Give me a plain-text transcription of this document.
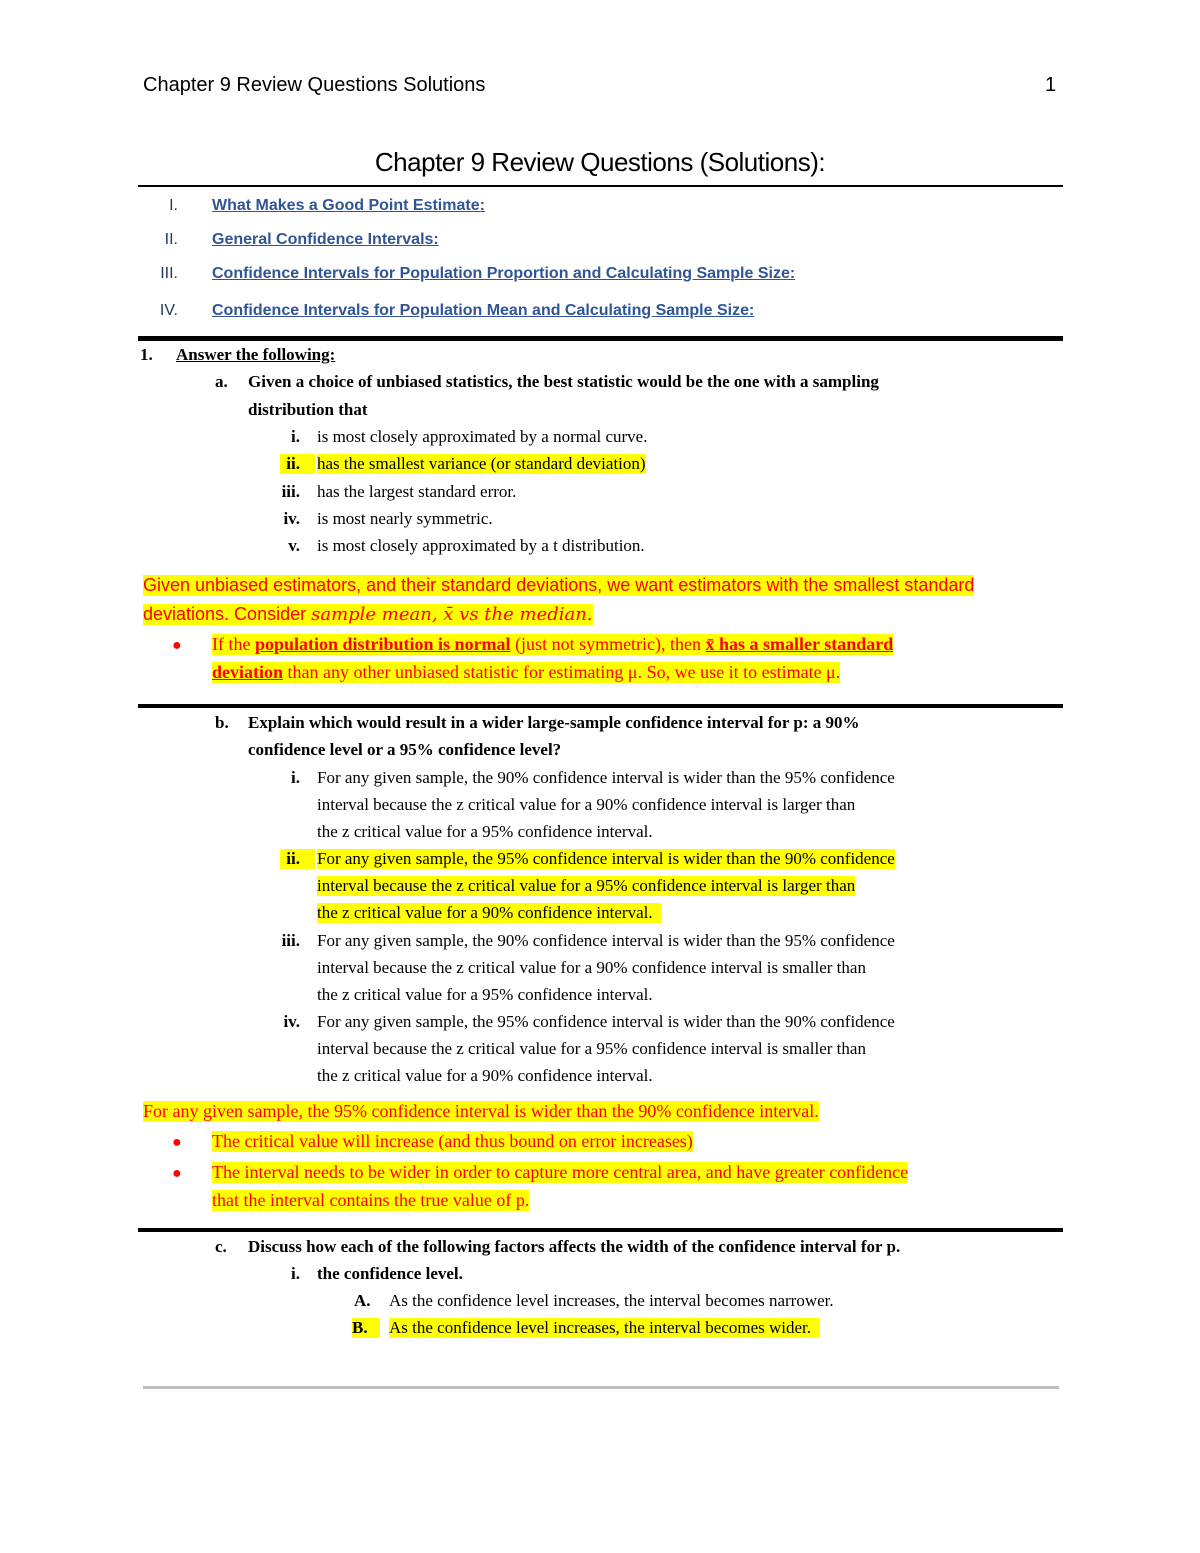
Chapter 9 Review Questions Solutions	1
Chapter 9 Review Questions (Solutions):
I. What Makes a Good Point Estimate:
II. General Confidence Intervals:
III. Confidence Intervals for Population Proportion and Calculating Sample Size:
IV. Confidence Intervals for Population Mean and Calculating Sample Size:
1. Answer the following:
a. Given a choice of unbiased statistics, the best statistic would be the one with a sampling
distribution that
i. is most closely approximated by a normal curve.
ii.	has the smallest variance (or standard deviation)
iii. has the largest standard error.
iv. is most nearly symmetric.
v. is most closely approximated by a t distribution.
Given unbiased estimators, and their standard deviations, we want estimators with the smallest standard
deviations. Consider sample mean, x̄ vs the median.
● If the population distribution is normal (just not symmetric), then x̄ has a smaller standard
deviation than any other unbiased statistic for estimating μ. So, we use it to estimate μ.
b. Explain which would result in a wider large-sample confidence interval for p: a 90%
confidence level or a 95% confidence level?
i. For any given sample, the 90% confidence interval is wider than the 95% confidence
interval because the z critical value for a 90% confidence interval is larger than
the z critical value for a 95% confidence interval.
ii.	For any given sample, the 95% confidence interval is wider than the 90% confidence
interval because the z critical value for a 95% confidence interval is larger than
the z critical value for a 90% confidence interval.
iii. For any given sample, the 90% confidence interval is wider than the 95% confidence
interval because the z critical value for a 90% confidence interval is smaller than
the z critical value for a 95% confidence interval.
iv. For any given sample, the 95% confidence interval is wider than the 90% confidence
interval because the z critical value for a 95% confidence interval is smaller than
the z critical value for a 90% confidence interval.
For any given sample, the 95% confidence interval is wider than the 90% confidence interval.
● The critical value will increase (and thus bound on error increases)
● The interval needs to be wider in order to capture more central area, and have greater confidence
that the interval contains the true value of p.
c. Discuss how each of the following factors affects the width of the confidence interval for p.
i. the confidence level.
A. As the confidence level increases, the interval becomes narrower.
B.	As the confidence level increases, the interval becomes wider.
